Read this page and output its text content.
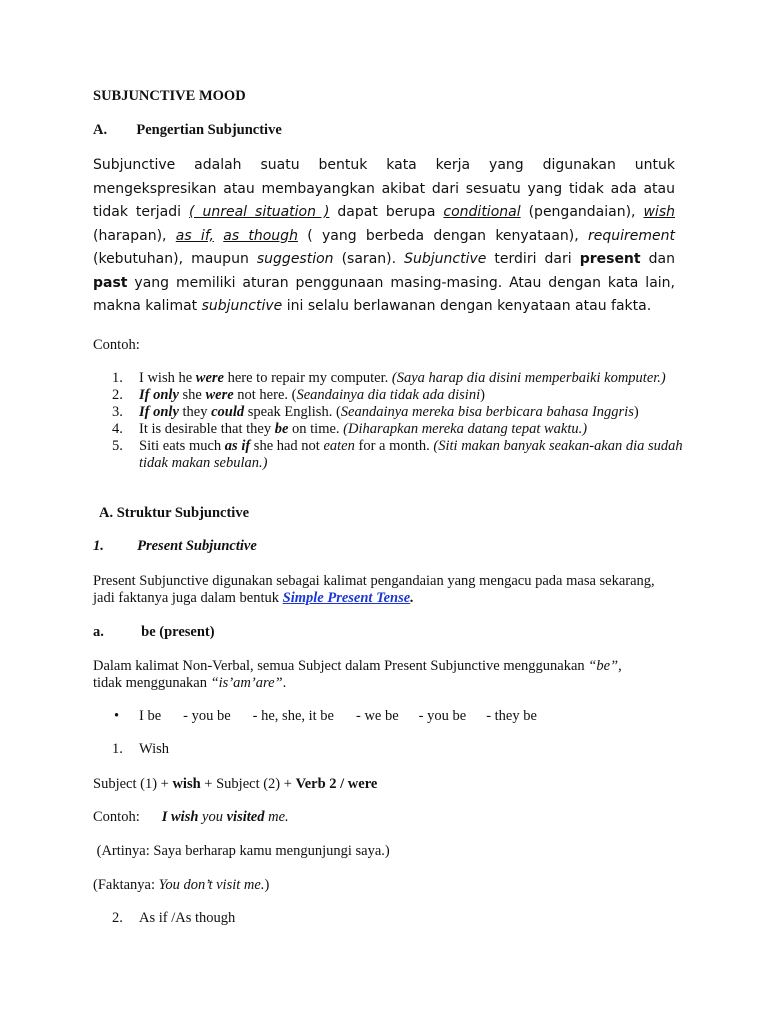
SUBJUNCTIVE MOOD
A. Pengertian Subjunctive
Subjunctive adalah suatu bentuk kata kerja yang digunakan untuk
mengekspresikan atau membayangkan akibat dari sesuatu yang tidak ada atau
tidak terjadi ( unreal situation ) dapat berupa conditional (pengandaian), wish
(harapan), as if, as though ( yang berbeda dengan kenyataan), requirement
(kebutuhan), maupun suggestion (saran). Subjunctive terdiri dari present dan
past yang memiliki aturan penggunaan masing-masing. Atau dengan kata lain,
makna kalimat subjunctive ini selalu berlawanan dengan kenyataan atau fakta.
Contoh:
1. I wish he were here to repair my computer. (Saya harap dia disini memperbaiki komputer.)
2. If only she were not here. (Seandainya dia tidak ada disini)
3. If only they could speak English. (Seandainya mereka bisa berbicara bahasa Inggris)
4. It is desirable that they be on time. (Diharapkan mereka datang tepat waktu.)
5. Siti eats much as if she had not eaten for a month. (Siti makan banyak seakan-akan dia sudah tidak makan sebulan.)
A. Struktur Subjunctive
1. Present Subjunctive
Present Subjunctive digunakan sebagai kalimat pengandaian yang mengacu pada masa sekarang, jadi faktanya juga dalam bentuk Simple Present Tense.
a.	be (present)
Dalam kalimat Non-Verbal, semua Subject dalam Present Subjunctive menggunakan “be”,
tidak menggunakan “is’am’are”.
• I be - you be - he, she, it be - we be - you be - they be
1. Wish
Subject (1) + wish + Subject (2) + Verb 2 / were
Contoh: I wish you visited me.
(Artinya: Saya berharap kamu mengunjungi saya.)
(Faktanya: You don’t visit me.)
2. As if /As though
